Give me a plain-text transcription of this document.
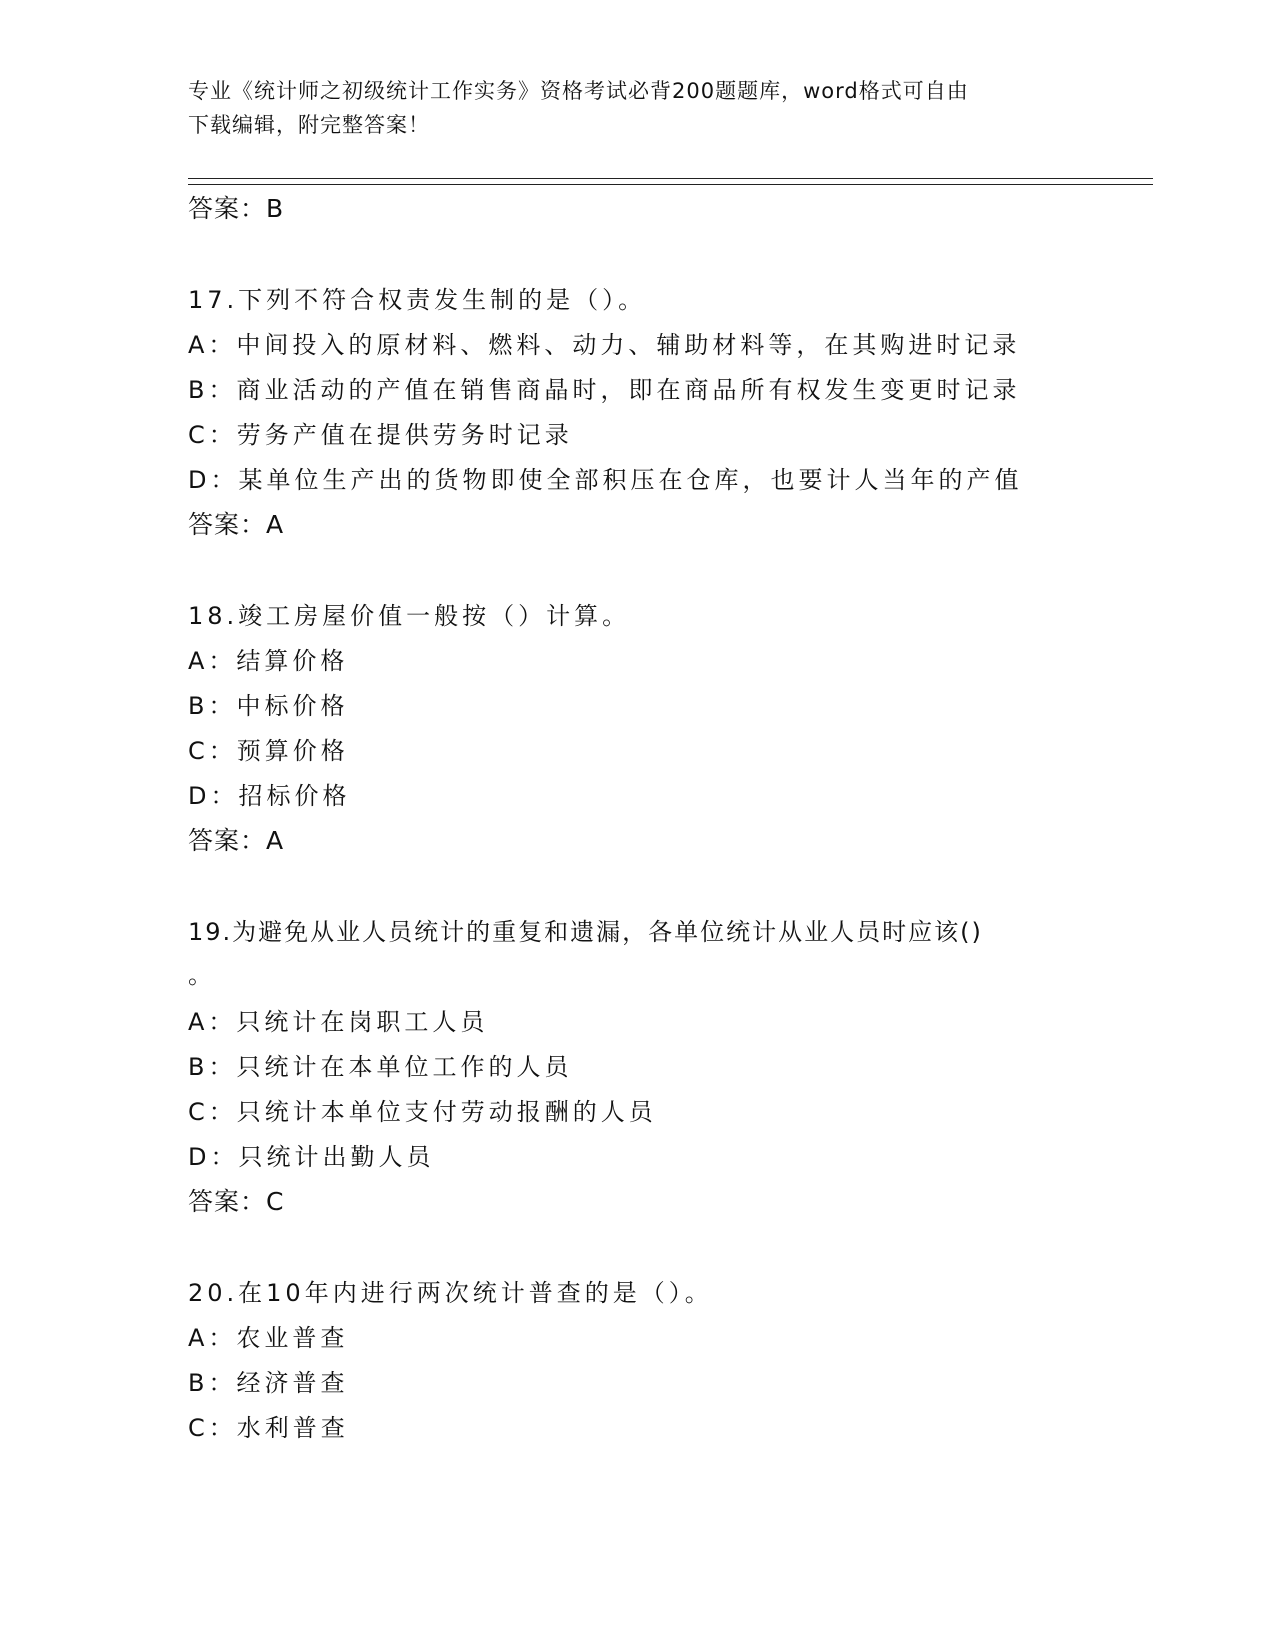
专业《统计师之初级统计工作实务》资格考试必背200题题库，word格式可自由
下载编辑，附完整答案！
答案：B
17.下列不符合权责发生制的是（）。
A：中间投入的原材料、燃料、动力、辅助材料等，在其购进时记录
B：商业活动的产值在销售商晶时，即在商品所有权发生变更时记录
C：劳务产值在提供劳务时记录
D：某单位生产出的货物即使全部积压在仓库，也要计人当年的产值
答案：A
18.竣工房屋价值一般按（）计算。
A：结算价格
B：中标价格
C：预算价格
D：招标价格
答案：A
19.为避免从业人员统计的重复和遗漏，各单位统计从业人员时应该()
。
A：只统计在岗职工人员
B：只统计在本单位工作的人员
C：只统计本单位支付劳动报酬的人员
D：只统计出勤人员
答案：C
20.在10年内进行两次统计普查的是（）。
A：农业普查
B：经济普查
C：水利普查
